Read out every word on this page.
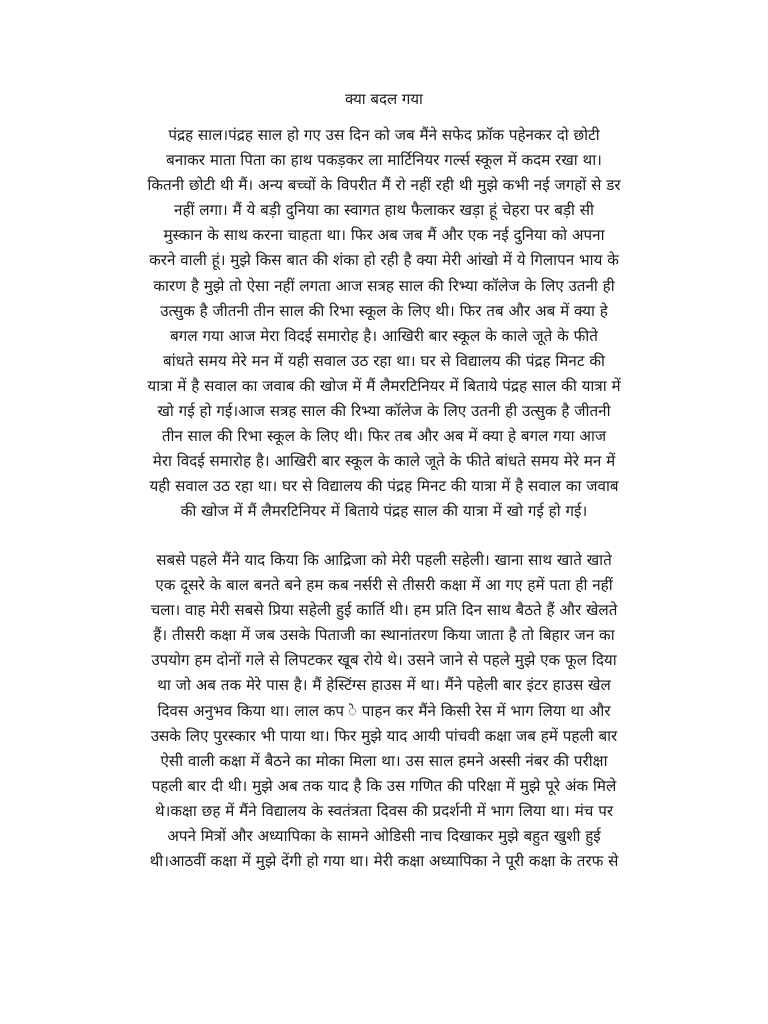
क्या बदल गया

पंद्रह साल।पंद्रह साल हो गए उस दिन को जब मैंने सफेद फ्रॉक पहेनकर दो छोटी
बनाकर माता पिता का हाथ पकड़कर ला मार्टिनियर गर्ल्स स्कूल में कदम रखा था।
कितनी छोटी थी मैं। अन्य बच्चों के विपरीत मैं रो नहीं रही थी मुझे कभी नई जगहों से डर
नहीं लगा। मैं ये बड़ी दुनिया का स्वागत हाथ फैलाकर खड़ा हूं चेहरा पर बड़ी सी
मुस्कान के साथ करना चाहता था। फिर अब जब मैं और एक नई दुनिया को अपना
करने वाली हूं। मुझे किस बात की शंका हो रही है क्या मेरी आंखो में ये गिलापन भाय के
कारण है मुझे तो ऐसा नहीं लगता आज सत्रह साल की रिभ्या कॉलेज के लिए उतनी ही
उत्सुक है जीतनी तीन साल की रिभा स्कूल के लिए थी। फिर तब और अब में क्या हे
बगल गया आज मेरा विदई समारोह है। आखिरी बार स्कूल के काले जूते के फीते
बांधते समय मेरे मन में यही सवाल उठ रहा था। घर से विद्यालय की पंद्रह मिनट की
यात्रा में है सवाल का जवाब की खोज में मैं लैमरटिनियर में बिताये पंद्रह साल की यात्रा में
खो गई हो गई।आज सत्रह साल की रिभ्या कॉलेज के लिए उतनी ही उत्सुक है जीतनी
तीन साल की रिभा स्कूल के लिए थी। फिर तब और अब में क्या हे बगल गया आज
मेरा विदई समारोह है। आखिरी बार स्कूल के काले जूते के फीते बांधते समय मेरे मन में
यही सवाल उठ रहा था। घर से विद्यालय की पंद्रह मिनट की यात्रा में है सवाल का जवाब
की खोज में मैं लैमरटिनियर में बिताये पंद्रह साल की यात्रा में खो गई हो गई।

सबसे पहले मैंने याद किया कि आद्रिजा को मेरी पहली सहेली। खाना साथ खाते खाते
एक दूसरे के बाल बनते बने हम कब नर्सरी से तीसरी कक्षा में आ गए हमें पता ही नहीं
चला। वाह मेरी सबसे प्रिया सहेली हुई कार्ति थी। हम प्रति दिन साथ बैठते हैं और खेलते
हैं। तीसरी कक्षा में जब उसके पिताजी का स्थानांतरण किया जाता है तो बिहार जन का
उपयोग हम दोनों गले से लिपटकर खूब रोये थे। उसने जाने से पहले मुझे एक फूल दिया
था जो अब तक मेरे पास है। मैं हेस्टिंग्स हाउस में था। मैंने पहेली बार इंटर हाउस खेल
दिवस अनुभव किया था। लाल कप े पाहन कर मैंने किसी रेस में भाग लिया था और
उसके लिए पुरस्कार भी पाया था। फिर मुझे याद आयी पांचवी कक्षा जब हमें पहली बार
ऐसी वाली कक्षा में बैठने का मोका मिला था। उस साल हमने अस्सी नंबर की परीक्षा
पहली बार दी थी। मुझे अब तक याद है कि उस गणित की परिक्षा में मुझे पूरे अंक मिले
थे।कक्षा छह में मैंने विद्यालय के स्वतंत्रता दिवस की प्रदर्शनी में भाग लिया था। मंच पर
अपने मित्रों और अध्यापिका के सामने ओडिसी नाच दिखाकर मुझे बहुत खुशी हुई
थी।आठवीं कक्षा में मुझे देंगी हो गया था। मेरी कक्षा अध्यापिका ने पूरी कक्षा के तरफ से
